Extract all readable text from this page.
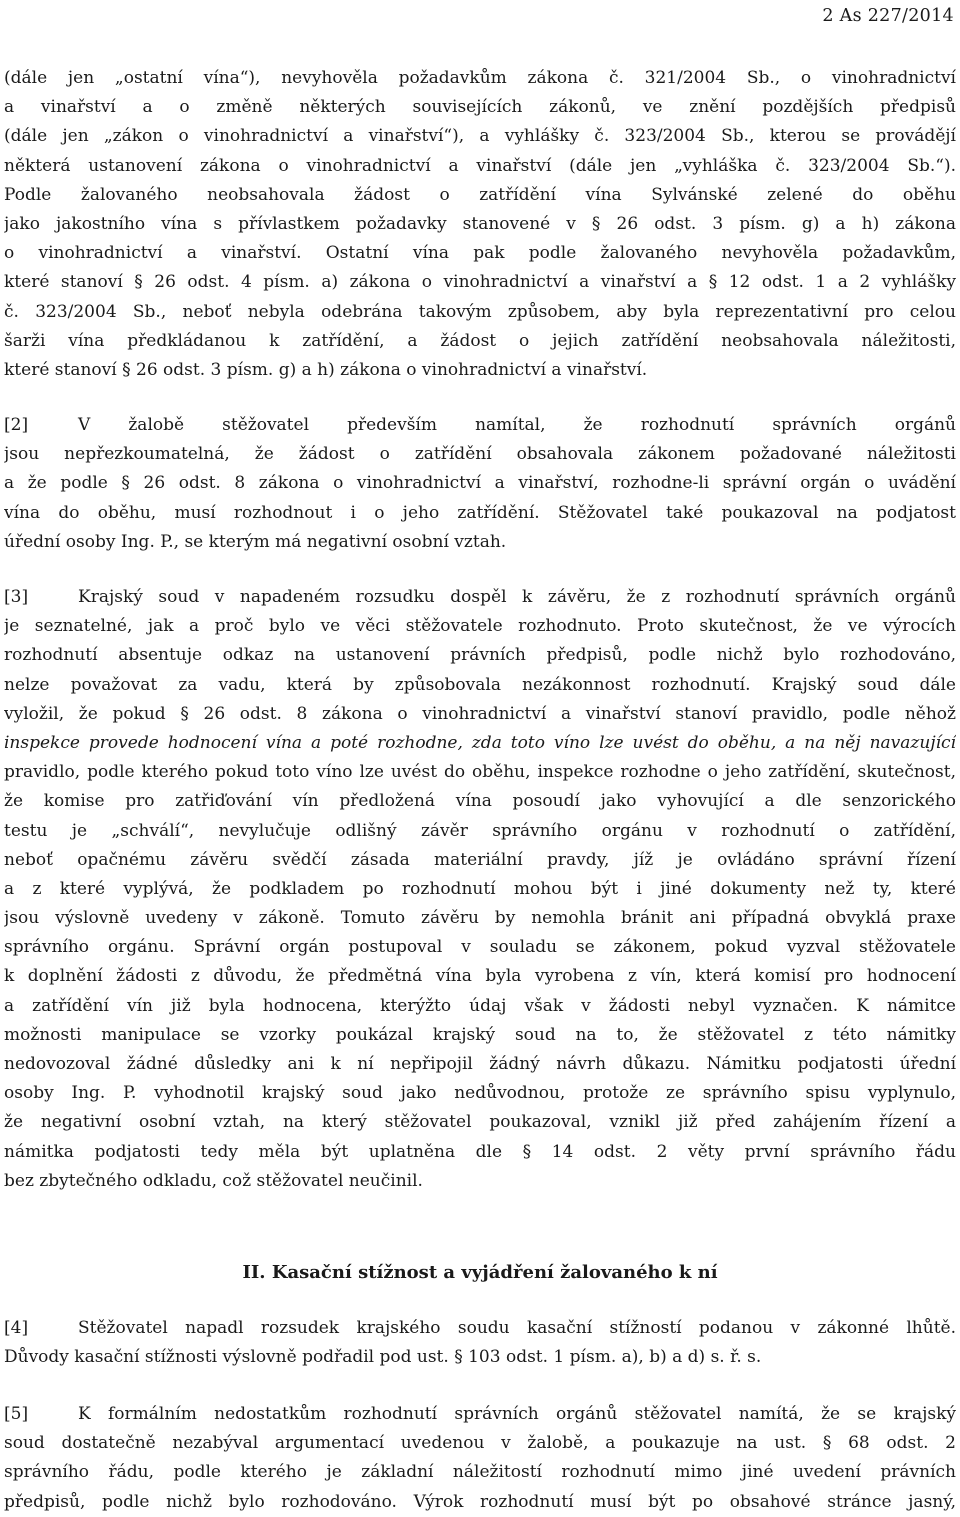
2 As 227/2014
(dále jen „ostatní vína“), nevyhověla požadavkům zákona č. 321/2004 Sb., o vinohradnictví
a vinařství a o změně některých souvisejících zákonů, ve znění pozdějších předpisů
(dále jen „zákon o vinohradnictví a vinařství“), a vyhlášky č. 323/2004 Sb., kterou se provádějí
některá ustanovení zákona o vinohradnictví a vinařství (dále jen „vyhláška č. 323/2004 Sb.“).
Podle žalovaného neobsahovala žádost o zatřídění vína Sylvánské zelené do oběhu
jako jakostního vína s přívlastkem požadavky stanovené v § 26 odst. 3 písm. g) a h) zákona
o vinohradnictví a vinařství. Ostatní vína pak podle žalovaného nevyhověla požadavkům,
které stanoví § 26 odst. 4 písm. a) zákona o vinohradnictví a vinařství a § 12 odst. 1 a 2 vyhlášky
č. 323/2004 Sb., neboť nebyla odebrána takovým způsobem, aby byla reprezentativní pro celou
šarži vína předkládanou k zatřídění, a žádost o jejich zatřídění neobsahovala náležitosti,
které stanoví § 26 odst. 3 písm. g) a h) zákona o vinohradnictví a vinařství.
[2]	V žalobě stěžovatel především namítal, že rozhodnutí správních orgánů
jsou nepřezkoumatelná, že žádost o zatřídění obsahovala zákonem požadované náležitosti
a že podle § 26 odst. 8 zákona o vinohradnictví a vinařství, rozhodne-li správní orgán o uvádění
vína do oběhu, musí rozhodnout i o jeho zatřídění. Stěžovatel také poukazoval na podjatost
úřední osoby Ing. P., se kterým má negativní osobní vztah.
[3]	Krajský soud v napadeném rozsudku dospěl k závěru, že z rozhodnutí správních orgánů
je seznatelné, jak a proč bylo ve věci stěžovatele rozhodnuto. Proto skutečnost, že ve výrocích
rozhodnutí absentuje odkaz na ustanovení právních předpisů, podle nichž bylo rozhodováno,
nelze považovat za vadu, která by způsobovala nezákonnost rozhodnutí. Krajský soud dále
vyložil, že pokud § 26 odst. 8 zákona o vinohradnictví a vinařství stanoví pravidlo, podle něhož
inspekce provede hodnocení vína a poté rozhodne, zda toto víno lze uvést do oběhu, a na něj navazující
pravidlo, podle kterého pokud toto víno lze uvést do oběhu, inspekce rozhodne o jeho zatřídění, skutečnost,
že komise pro zatřiďování vín předložená vína posoudí jako vyhovující a dle senzorického
testu je „schválí“, nevylučuje odlišný závěr správního orgánu v rozhodnutí o zatřídění,
neboť opačnému závěru svědčí zásada materiální pravdy, jíž je ovládáno správní řízení
a z které vyplývá, že podkladem po rozhodnutí mohou být i jiné dokumenty než ty, které
jsou výslovně uvedeny v zákoně. Tomuto závěru by nemohla bránit ani případná obvyklá praxe
správního orgánu. Správní orgán postupoval v souladu se zákonem, pokud vyzval stěžovatele
k doplnění žádosti z důvodu, že předmětná vína byla vyrobena z vín, která komisí pro hodnocení
a zatřídění vín již byla hodnocena, kterýžto údaj však v žádosti nebyl vyznačen. K námitce
možnosti manipulace se vzorky poukázal krajský soud na to, že stěžovatel z této námitky
nedovozoval žádné důsledky ani k ní nepřipojil žádný návrh důkazu. Námitku podjatosti úřední
osoby Ing. P. vyhodnotil krajský soud jako nedůvodnou, protože ze správního spisu vyplynulo,
že negativní osobní vztah, na který stěžovatel poukazoval, vznikl již před zahájením řízení a
námitka podjatosti tedy měla být uplatněna dle § 14 odst. 2 věty první správního řádu
bez zbytečného odkladu, což stěžovatel neučinil.
II. Kasační stížnost a vyjádření žalovaného k ní
[4]	Stěžovatel napadl rozsudek krajského soudu kasační stížností podanou v zákonné lhůtě.
Důvody kasační stížnosti výslovně podřadil pod ust. § 103 odst. 1 písm. a), b) a d) s. ř. s.
[5]	K formálním nedostatkům rozhodnutí správních orgánů stěžovatel namítá, že se krajský
soud dostatečně nezabýval argumentací uvedenou v žalobě, a poukazuje na ust. § 68 odst. 2
správního řádu, podle kterého je základní náležitostí rozhodnutí mimo jiné uvedení právních
předpisů, podle nichž bylo rozhodováno. Výrok rozhodnutí musí být po obsahové stránce jasný,
